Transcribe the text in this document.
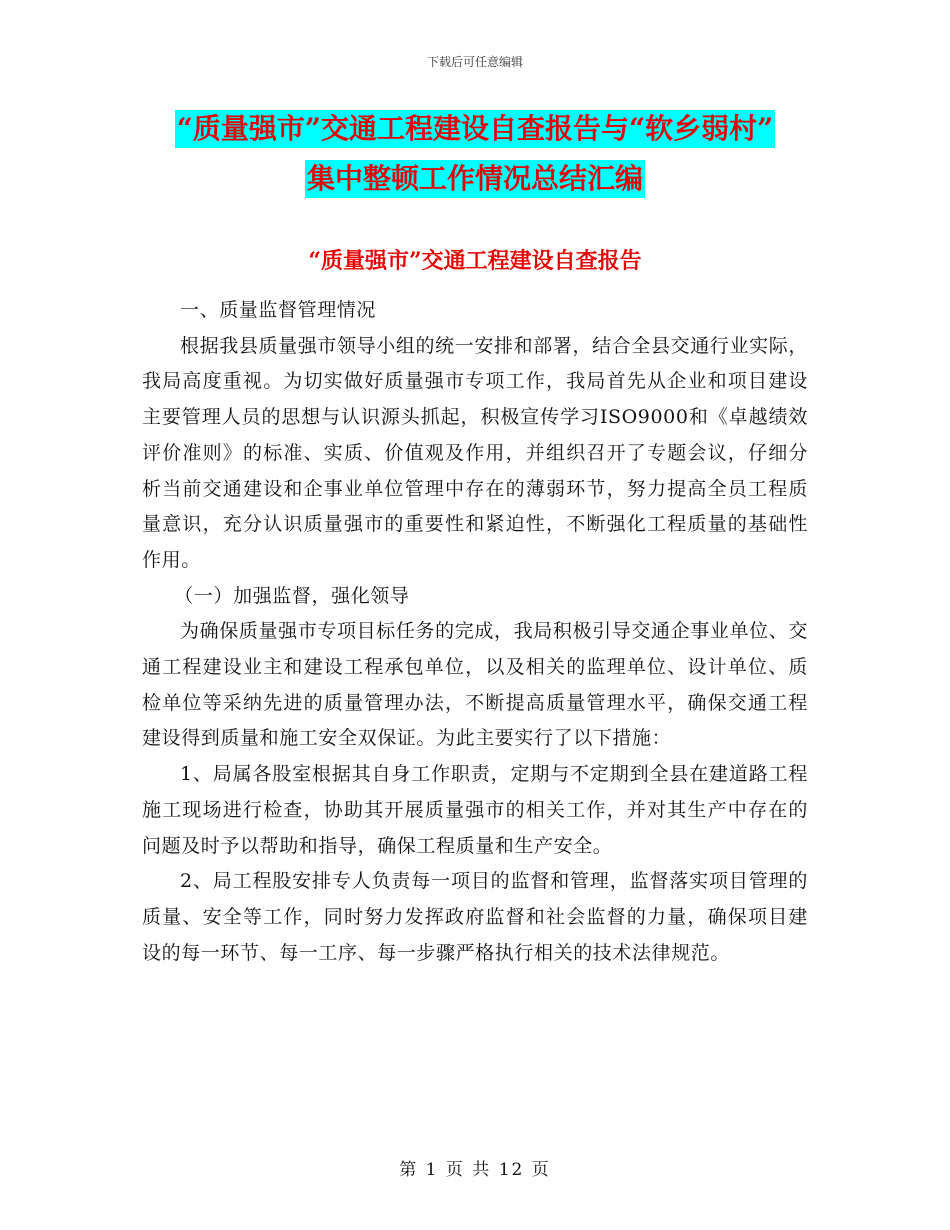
下载后可任意编辑
“质量强市”交通工程建设自查报告与“软乡弱村”
集中整顿工作情况总结汇编
“质量强市”交通工程建设自查报告

一、质量监督管理情况

根据我县质量强市领导小组的统一安排和部署，结合全县交通行业实际，我局高度重视。为切实做好质量强市专项工作，我局首先从企业和项目建设主要管理人员的思想与认识源头抓起，积极宣传学习ISO9000和《卓越绩效评价准则》的标准、实质、价值观及作用，并组织召开了专题会议，仔细分析当前交通建设和企事业单位管理中存在的薄弱环节，努力提高全员工程质量意识，充分认识质量强市的重要性和紧迫性，不断强化工程质量的基础性作用。

（一）加强监督，强化领导

为确保质量强市专项目标任务的完成，我局积极引导交通企事业单位、交通工程建设业主和建设工程承包单位，以及相关的监理单位、设计单位、质检单位等采纳先进的质量管理办法，不断提高质量管理水平，确保交通工程建设得到质量和施工安全双保证。为此主要实行了以下措施：

1、局属各股室根据其自身工作职责，定期与不定期到全县在建道路工程施工现场进行检查，协助其开展质量强市的相关工作，并对其生产中存在的问题及时予以帮助和指导，确保工程质量和生产安全。

2、局工程股安排专人负责每一项目的监督和管理，监督落实项目管理的质量、安全等工作，同时努力发挥政府监督和社会监督的力量，确保项目建设的每一环节、每一工序、每一步骤严格执行相关的技术法律规范。

第 1 页 共 12 页
